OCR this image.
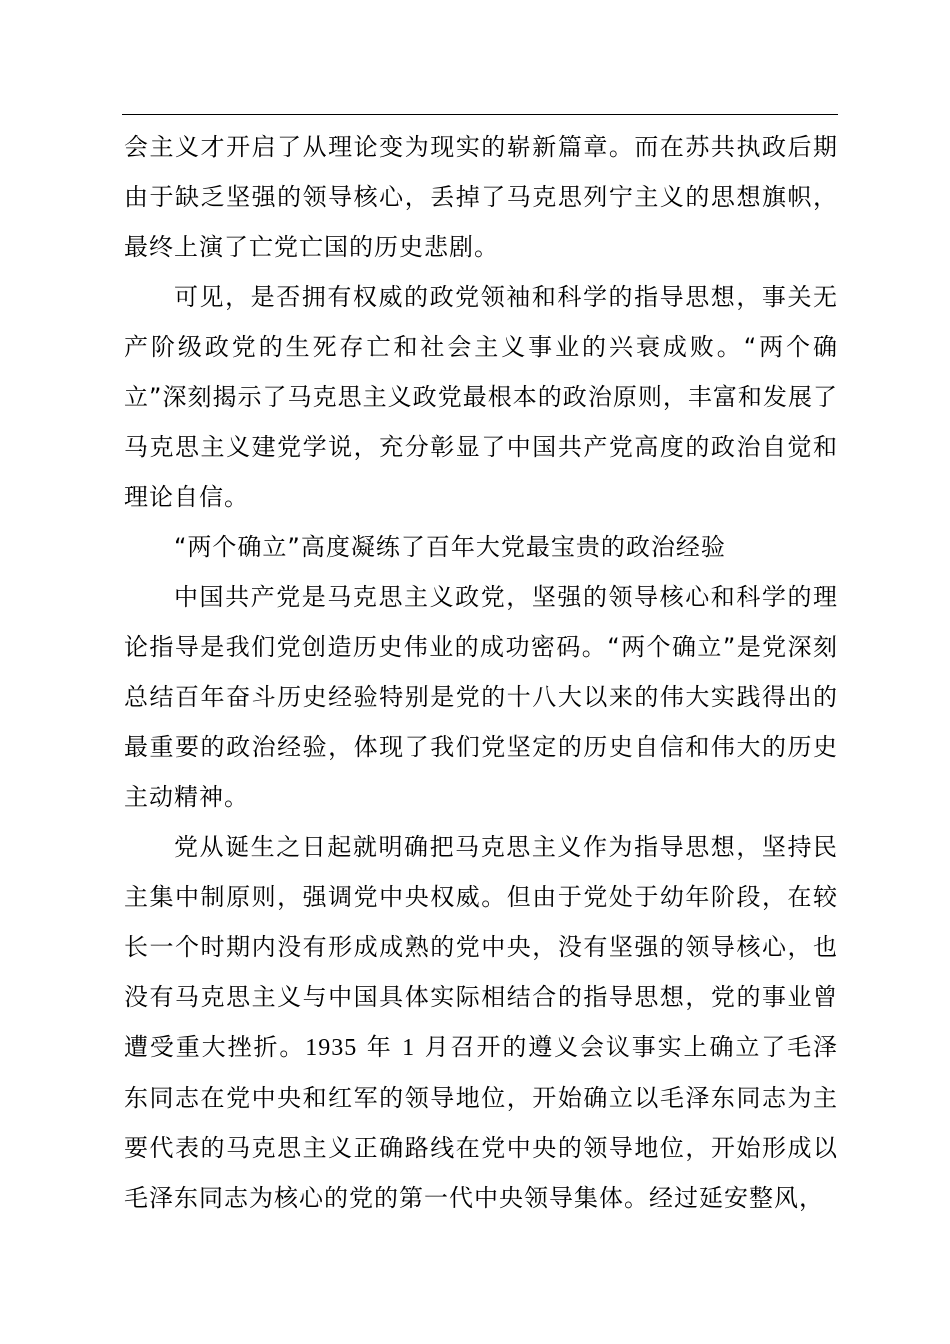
会主义才开启了从理论变为现实的崭新篇章。而在苏共执政后期由于缺乏坚强的领导核心，丢掉了马克思列宁主义的思想旗帜，最终上演了亡党亡国的历史悲剧。

可见，是否拥有权威的政党领袖和科学的指导思想，事关无产阶级政党的生死存亡和社会主义事业的兴衰成败。“两个确立”深刻揭示了马克思主义政党最根本的政治原则，丰富和发展了马克思主义建党学说，充分彰显了中国共产党高度的政治自觉和理论自信。

“两个确立”高度凝练了百年大党最宝贵的政治经验

中国共产党是马克思主义政党，坚强的领导核心和科学的理论指导是我们党创造历史伟业的成功密码。“两个确立”是党深刻总结百年奋斗历史经验特别是党的十八大以来的伟大实践得出的最重要的政治经验，体现了我们党坚定的历史自信和伟大的历史主动精神。

党从诞生之日起就明确把马克思主义作为指导思想，坚持民主集中制原则，强调党中央权威。但由于党处于幼年阶段，在较长一个时期内没有形成成熟的党中央，没有坚强的领导核心，也没有马克思主义与中国具体实际相结合的指导思想，党的事业曾遭受重大挫折。1935 年 1 月召开的遵义会议事实上确立了毛泽东同志在党中央和红军的领导地位，开始确立以毛泽东同志为主要代表的马克思主义正确路线在党中央的领导地位，开始形成以毛泽东同志为核心的党的第一代中央领导集体。经过延安整风，
